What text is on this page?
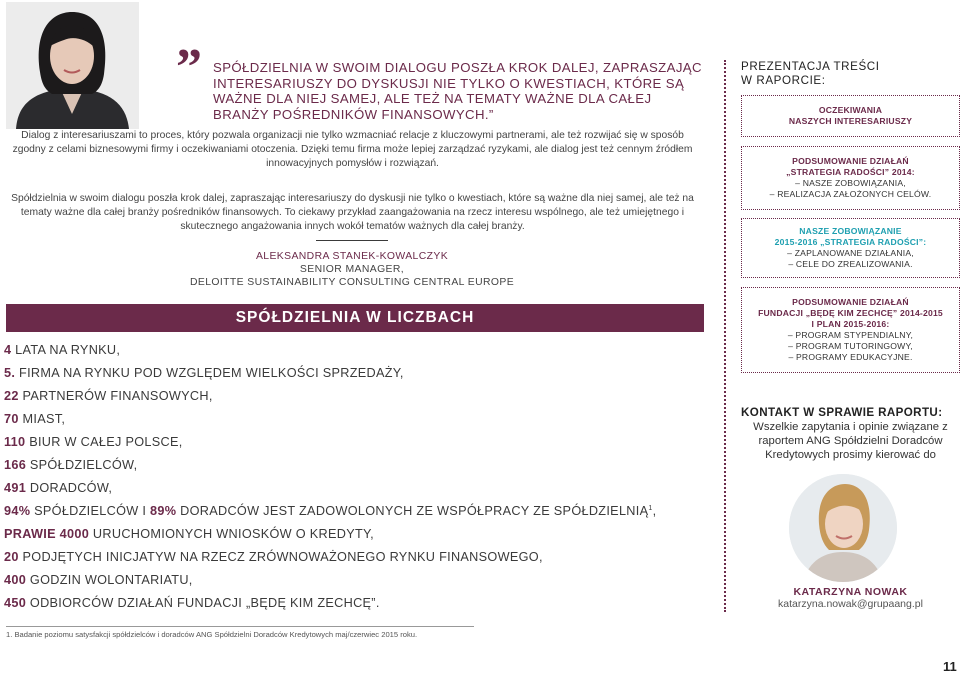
” SPÓŁDZIELNIA W SWOIM DIALOGU POSZŁA KROK DALEJ, ZAPRASZAJĄC INTERESARIUSZY DO DYSKUSJI NIE TYLKO O KWESTIACH, KTÓRE SĄ WAŻNE DLA NIEJ SAMEJ, ALE TEŻ NA TEMATY WAŻNE DLA CAŁEJ BRANŻY POŚREDNIKÓW FINANSOWYCH.”
Dialog z interesariuszami to proces, który pozwala organizacji nie tylko wzmacniać relacje z kluczowymi partnerami, ale też rozwijać się w sposób zgodny z celami biznesowymi firmy i oczekiwaniami otoczenia. Dzięki temu firma może lepiej zarządzać ryzykami, ale dialog jest też cennym źródłem innowacyjnych pomysłów i rozwiązań.
Spółdzielnia w swoim dialogu poszła krok dalej, zapraszając interesariuszy do dyskusji nie tylko o kwestiach, które są ważne dla niej samej, ale też na tematy ważne dla całej branży pośredników finansowych. To ciekawy przykład zaangażowania na rzecz interesu wspólnego, ale też umiejętnego i skutecznego angażowania innych wokół tematów ważnych dla całej branży.
ALEKSANDRA STANEK-KOWALCZYK
SENIOR MANAGER,
DELOITTE SUSTAINABILITY CONSULTING CENTRAL EUROPE
SPÓŁDZIELNIA W LICZBACH
4 LATA NA RYNKU,
5. FIRMA NA RYNKU POD WZGLĘDEM WIELKOŚCI SPRZEDAŻY,
22 PARTNERÓW FINANSOWYCH,
70 MIAST,
110 BIUR W CAŁEJ POLSCE,
166 SPÓŁDZIELCÓW,
491 DORADCÓW,
94% SPÓŁDZIELCÓW I 89% DORADCÓW JEST ZADOWOLONYCH ZE WSPÓŁPRACY ZE SPÓŁDZIELNIĄ$^1$,
PRAWIE 4000 URUCHOMIONYCH WNIOSKÓW O KREDYTY,
20 PODJĘTYCH INICJATYW NA RZECZ ZRÓWNOWAŻONEGO RYNKU FINANSOWEGO,
400 GODZIN WOLONTARIATU,
450 ODBIORCÓW DZIAŁAŃ FUNDACJI „BĘDĘ KIM ZECHCĘ”.
1. Badanie poziomu satysfakcji spółdzielców i doradców ANG Spółdzielni Doradców Kredytowych maj/czerwiec 2015 roku.
11
PREZENTACJA TREŚCI
W RAPORCIE:
OCZEKIWANIA
NASZYCH INTERESARIUSZY
PODSUMOWANIE DZIAŁAŃ
„STRATEGIA RADOŚCI” 2014:
– NASZE ZOBOWIĄZANIA,
– REALIZACJA ZAŁOŻONYCH CELÓW.
NASZE ZOBOWIĄZANIE
2015-2016 „STRATEGIA RADOŚCI”:
– ZAPLANOWANE DZIAŁANIA,
– CELE DO ZREALIZOWANIA.
PODSUMOWANIE DZIAŁAŃ
FUNDACJI „BĘDĘ KIM ZECHCĘ” 2014-2015
I PLAN 2015-2016:
– PROGRAM STYPENDIALNY,
– PROGRAM TUTORINGOWY,
– PROGRAMY EDUKACYJNE.
KONTAKT W SPRAWIE RAPORTU:
Wszelkie zapytania i opinie związane z raportem ANG Spółdzielni Doradców Kredytowych prosimy kierować do
KATARZYNA NOWAK
katarzyna.nowak@grupaang.pl
